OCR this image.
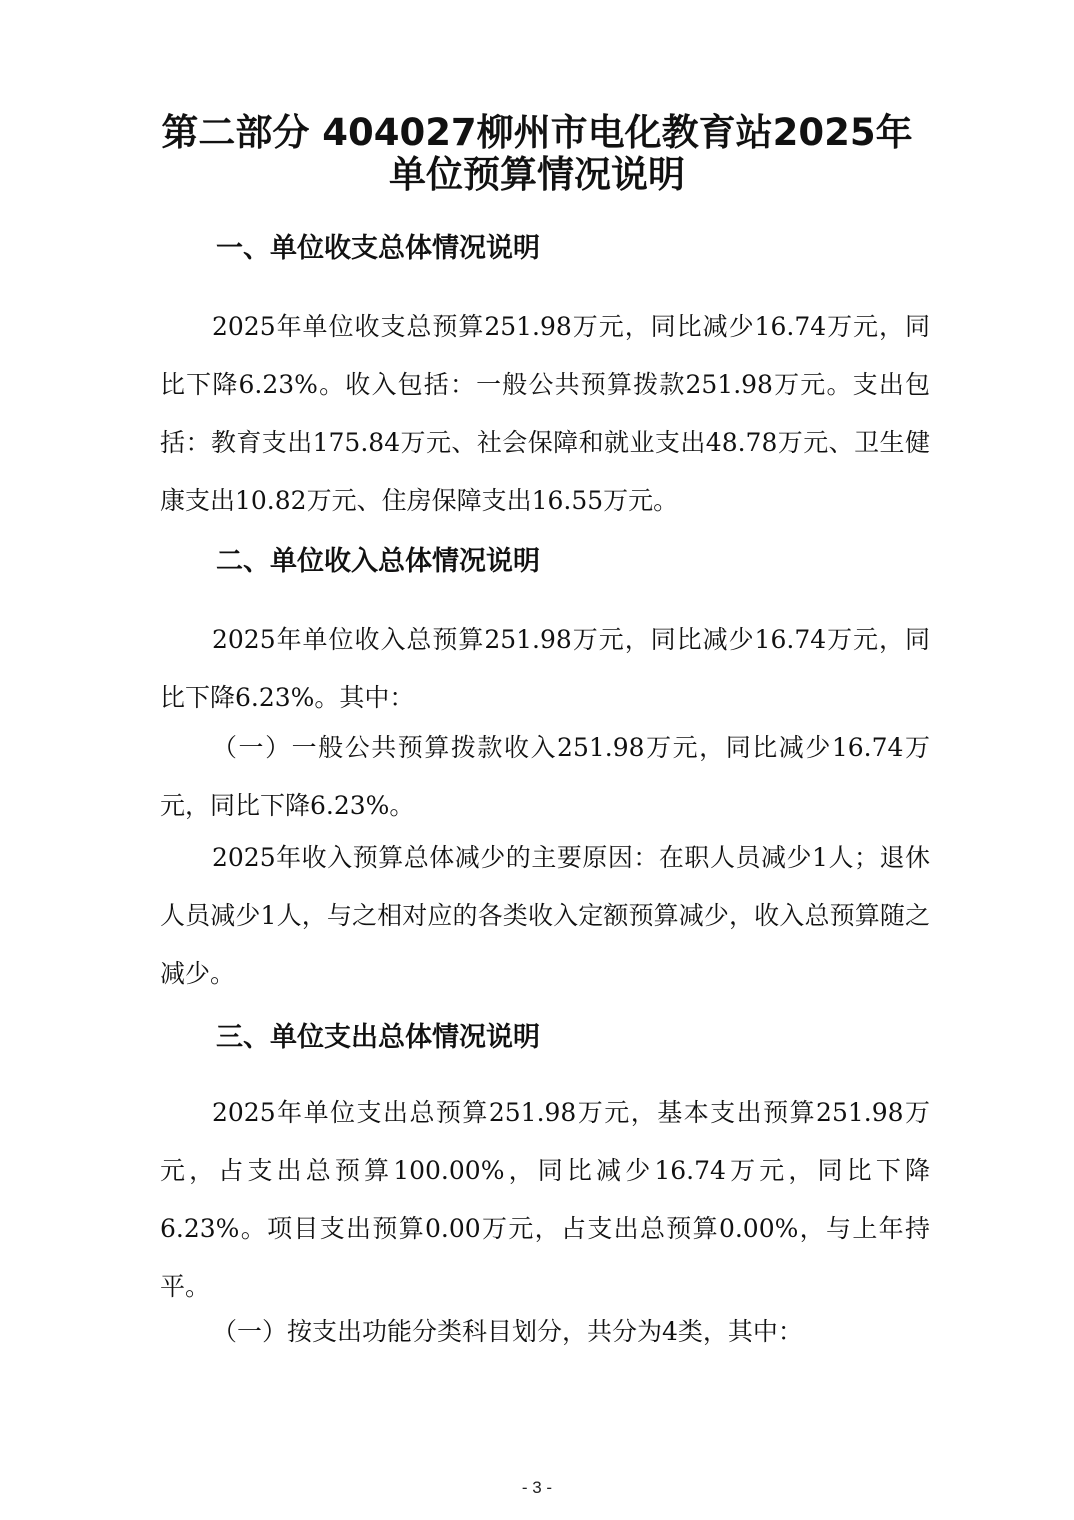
第二部分 404027柳州市电化教育站2025年
单位预算情况说明
一、单位收支总体情况说明

2025年单位收支总预算251.98万元，同比减少16.74万元，同比下降6.23%。收入包括：一般公共预算拨款251.98万元。支出包括：教育支出175.84万元、社会保障和就业支出48.78万元、卫生健康支出10.82万元、住房保障支出16.55万元。

二、单位收入总体情况说明

2025年单位收入总预算251.98万元，同比减少16.74万元，同比下降6.23%。其中：

（一）一般公共预算拨款收入251.98万元，同比减少16.74万元，同比下降6.23%。

2025年收入预算总体减少的主要原因：在职人员减少1人；退休人员减少1人，与之相对应的各类收入定额预算减少，收入总预算随之减少。

三、单位支出总体情况说明

2025年单位支出总预算251.98万元，基本支出预算251.98万元，占支出总预算100.00%，同比减少16.74万元，同比下降6.23%。项目支出预算0.00万元，占支出总预算0.00%，与上年持平。

（一）按支出功能分类科目划分，共分为4类，其中：

- 3 -
